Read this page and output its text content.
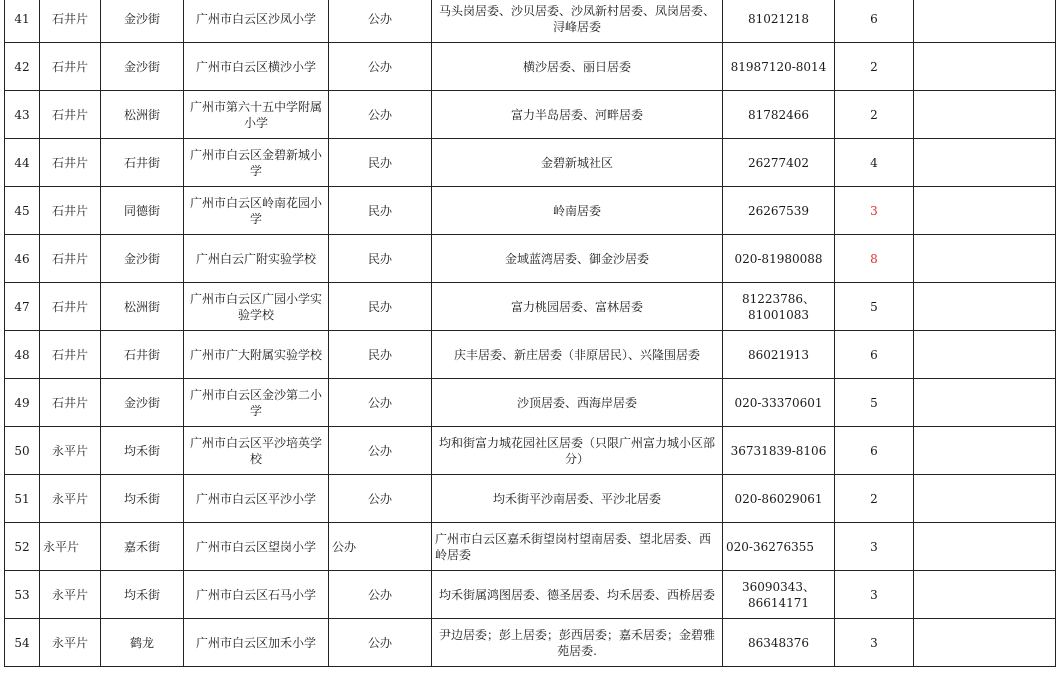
41	石井片	金沙街	广州市白云区沙凤小学	公办	马头岗居委、沙贝居委、沙凤新村居委、凤岗居委、浔峰居委	81021218	6	
42	石井片	金沙街	广州市白云区横沙小学	公办	横沙居委、丽日居委	81987120-8014	2	
43	石井片	松洲街	广州市第六十五中学附属小学	公办	富力半岛居委、河畔居委	81782466	2	
44	石井片	石井街	广州市白云区金碧新城小学	民办	金碧新城社区	26277402	4	
45	石井片	同德街	广州市白云区岭南花园小学	民办	岭南居委	26267539	3	
46	石井片	金沙街	广州白云广附实验学校	民办	金域蓝湾居委、御金沙居委	020-81980088	8	
47	石井片	松洲街	广州市白云区广园小学实验学校	民办	富力桃园居委、富林居委	81223786、81001083	5	
48	石井片	石井街	广州市广大附属实验学校	民办	庆丰居委、新庄居委（非原居民）、兴隆围居委	86021913	6	
49	石井片	金沙街	广州市白云区金沙第二小学	公办	沙顶居委、西海岸居委	020-33370601	5	
50	永平片	均禾街	广州市白云区平沙培英学校	公办	均和街富力城花园社区居委（只限广州富力城小区部分）	36731839-8106	6	
51	永平片	均禾街	广州市白云区平沙小学	公办	均禾街平沙南居委、平沙北居委	020-86029061	2	
52	永平片	嘉禾街	广州市白云区望岗小学	公办	广州市白云区嘉禾街望岗村望南居委、望北居委、西岭居委	020-36276355	3	
53	永平片	均禾街	广州市白云区石马小学	公办	均禾街属鸿图居委、德圣居委、均禾居委、西桥居委	36090343、86614171	3	
54	永平片	鹤龙	广州市白云区加禾小学	公办	尹边居委；彭上居委；彭西居委；嘉禾居委；金碧雅苑居委.	86348376	3	
